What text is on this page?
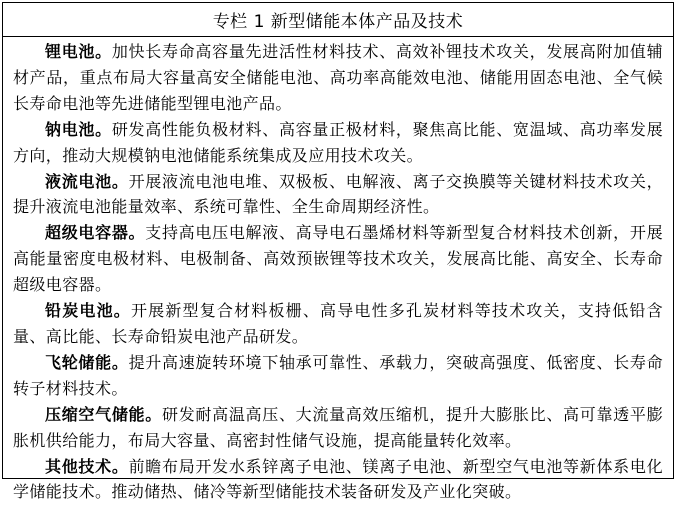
专栏 1 新型储能本体产品及技术

锂电池。加快长寿命高容量先进活性材料技术、高效补锂技术攻关，发展高附加值辅材产品，重点布局大容量高安全储能电池、高功率高能效电池、储能用固态电池、全气候长寿命电池等先进储能型锂电池产品。

钠电池。研发高性能负极材料、高容量正极材料，聚焦高比能、宽温域、高功率发展方向，推动大规模钠电池储能系统集成及应用技术攻关。

液流电池。开展液流电池电堆、双极板、电解液、离子交换膜等关键材料技术攻关，提升液流电池能量效率、系统可靠性、全生命周期经济性。

超级电容器。支持高电压电解液、高导电石墨烯材料等新型复合材料技术创新，开展高能量密度电极材料、电极制备、高效预嵌锂等技术攻关，发展高比能、高安全、长寿命超级电容器。

铅炭电池。开展新型复合材料板栅、高导电性多孔炭材料等技术攻关，支持低铅含量、高比能、长寿命铅炭电池产品研发。

飞轮储能。提升高速旋转环境下轴承可靠性、承载力，突破高强度、低密度、长寿命转子材料技术。

压缩空气储能。研发耐高温高压、大流量高效压缩机，提升大膨胀比、高可靠透平膨胀机供给能力，布局大容量、高密封性储气设施，提高能量转化效率。

其他技术。前瞻布局开发水系锌离子电池、镁离子电池、新型空气电池等新体系电化学储能技术。推动储热、储冷等新型储能技术装备研发及产业化突破。
